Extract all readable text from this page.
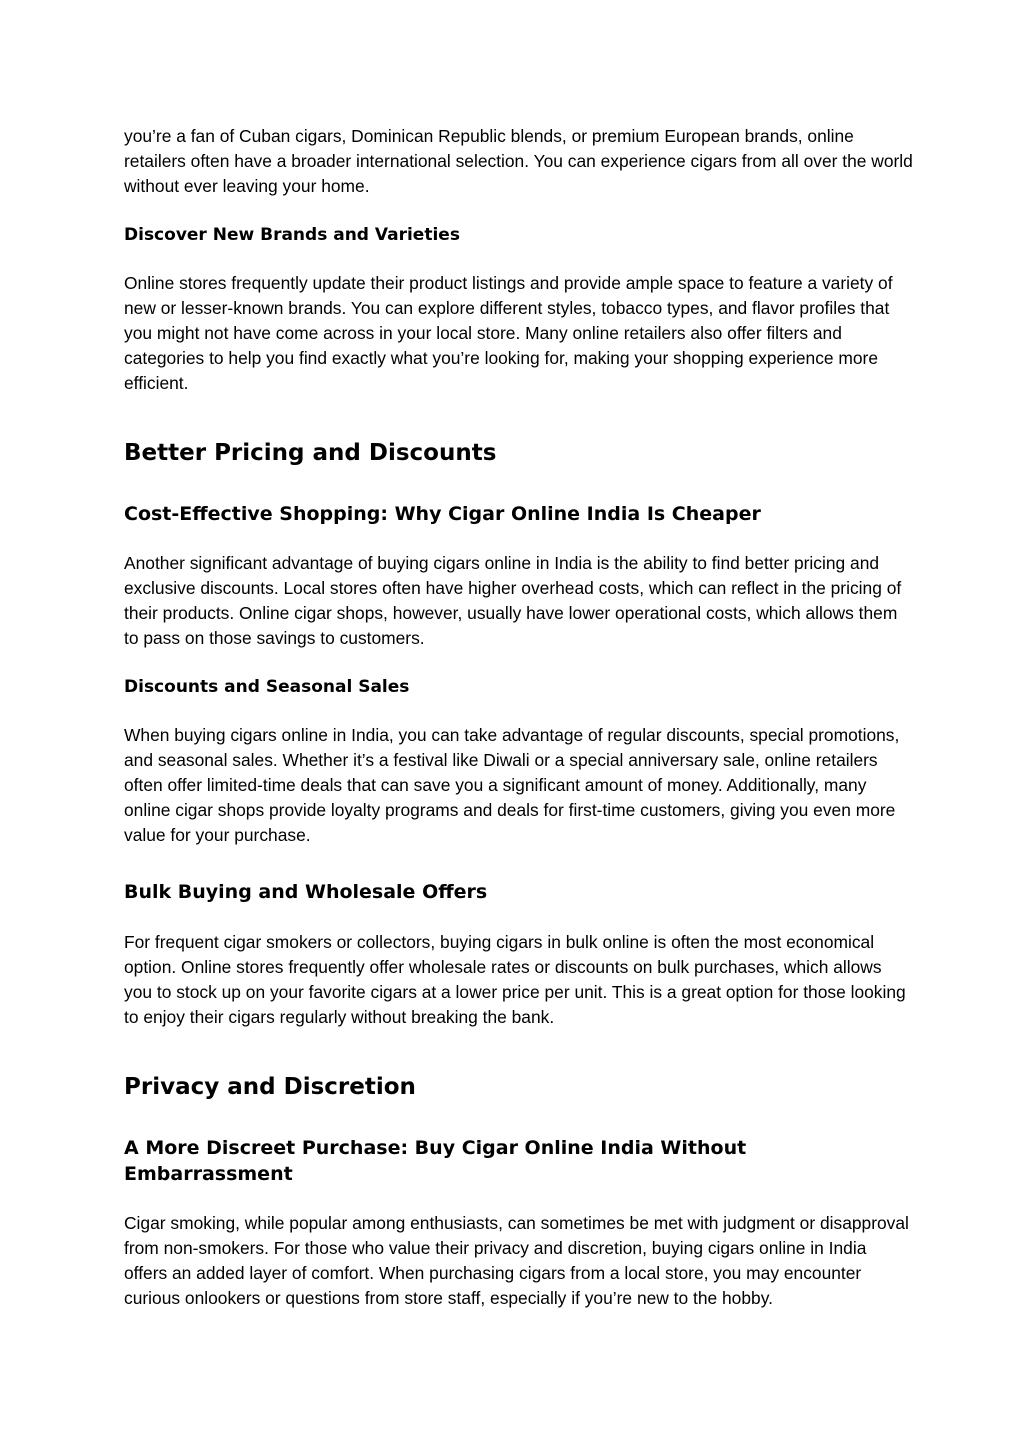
you’re a fan of Cuban cigars, Dominican Republic blends, or premium European brands, online retailers often have a broader international selection. You can experience cigars from all over the world without ever leaving your home.

Discover New Brands and Varieties

Online stores frequently update their product listings and provide ample space to feature a variety of new or lesser-known brands. You can explore different styles, tobacco types, and flavor profiles that you might not have come across in your local store. Many online retailers also offer filters and categories to help you find exactly what you’re looking for, making your shopping experience more efficient.

Better Pricing and Discounts

Cost-Effective Shopping: Why Cigar Online India Is Cheaper

Another significant advantage of buying cigars online in India is the ability to find better pricing and exclusive discounts. Local stores often have higher overhead costs, which can reflect in the pricing of their products. Online cigar shops, however, usually have lower operational costs, which allows them to pass on those savings to customers.

Discounts and Seasonal Sales

When buying cigars online in India, you can take advantage of regular discounts, special promotions, and seasonal sales. Whether it’s a festival like Diwali or a special anniversary sale, online retailers often offer limited-time deals that can save you a significant amount of money. Additionally, many online cigar shops provide loyalty programs and deals for first-time customers, giving you even more value for your purchase.

Bulk Buying and Wholesale Offers

For frequent cigar smokers or collectors, buying cigars in bulk online is often the most economical option. Online stores frequently offer wholesale rates or discounts on bulk purchases, which allows you to stock up on your favorite cigars at a lower price per unit. This is a great option for those looking to enjoy their cigars regularly without breaking the bank.

Privacy and Discretion

A More Discreet Purchase: Buy Cigar Online India Without Embarrassment

Cigar smoking, while popular among enthusiasts, can sometimes be met with judgment or disapproval from non-smokers. For those who value their privacy and discretion, buying cigars online in India offers an added layer of comfort. When purchasing cigars from a local store, you may encounter curious onlookers or questions from store staff, especially if you’re new to the hobby.
